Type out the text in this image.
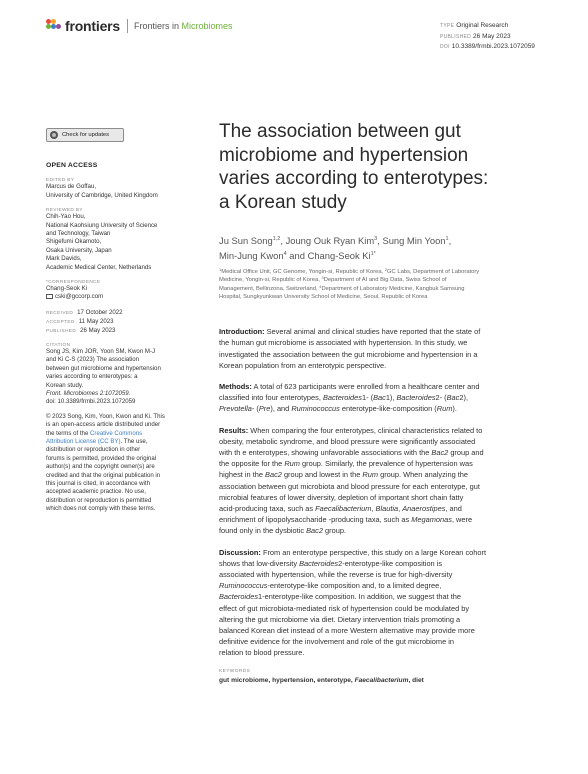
frontiers Frontiers in Microbiomes	TYPE Original Research
PUBLISHED 26 May 2023
DOI 10.3389/frmbi.2023.1072059
Check for updates
OPEN ACCESS
EDITED BY
Marcus de Goffau,
University of Cambridge, United Kingdom
REVIEWED BY
Chih-Yao Hou,
National Kaohsiung University of Science
and Technology, Taiwan
Shigefumi Okamoto,
Osaka University, Japan
Mark Davids,
Academic Medical Center, Netherlands
*CORRESPONDENCE
Chang-Seok Ki
cski@gccorp.com
RECEIVED 17 October 2022
ACCEPTED 11 May 2023
PUBLISHED 26 May 2023
CITATION
Song JS, Kim JOR, Yoon SM, Kwon M-J
and Ki C-S (2023) The association
between gut microbiome and hypertension
varies according to enterotypes: a
Korean study.
Front. Microbiomes 2:1072059.
doi: 10.3389/frmbi.2023.1072059
© 2023 Song, Kim, Yoon, Kwon and Ki. This
is an open-access article distributed under
the terms of the Creative Commons
Attribution License (CC BY). The use,
distribution or reproduction in other
forums is permitted, provided the original
author(s) and the copyright owner(s) are
credited and that the original publication in
this journal is cited, in accordance with
accepted academic practice. No use,
distribution or reproduction is permitted
which does not comply with these terms.
The association between gut
microbiome and hypertension
varies according to enterotypes:
a Korean study
Ju Sun Song$^{1,2}$, Joung Ouk Ryan Kim$^3$, Sung Min Yoon$^1$,
Min-Jung Kwon$^4$ and Chang-Seok $Ki^{1*}$
$^1$Medical Office Unit, GC Genome, Yongin-si, Republic of Korea, $^2$GC Labs, Department of Laboratory
Medicine, Yongin-si, Republic of Korea, $^3$Department of AI and Big Data, Swiss School of
Management, Bellinzona, Switzerland, $^4$Department of Laboratory Medicine, Kangbuk Samsung
Hospital, Sungkyunkwan University School of Medicine, Seoul, Republic of Korea
Introduction: Several animal and clinical studies have reported that the state of
the human gut microbiome is associated with hypertension. In this study, we
investigated the association between the gut microbiome and hypertension in a
Korean population from an enterotypic perspective.
Methods: A total of 623 participants were enrolled from a healthcare center and
classified into four enterotypes, Bacteroides1- (Bac1), Bacteroides2- (Bac2),
Prevotella- (Pre), and Ruminococcus enterotype-like-composition (Rum).
Results: When comparing the four enterotypes, clinical characteristics related to
obesity, metabolic syndrome, and blood pressure were significantly associated
with th e enterotypes, showing unfavorable associations with the Bac2 group and
the opposite for the Rum group. Similarly, the prevalence of hypertension was
highest in the Bac2 group and lowest in the Rum group. When analyzing the
association between gut microbiota and blood pressure for each enterotype, gut
microbial features of lower diversity, depletion of important short chain fatty
acid-producing taxa, such as Faecalibacterium, Blautia, Anaerostipes, and
enrichment of lipopolysaccharide -producing taxa, such as Megamonas, were
found only in the dysbiotic Bac2 group.
Discussion: From an enterotype perspective, this study on a large Korean cohort
shows that low-diversity Bacteroides2-enterotype-like composition is
associated with hypertension, while the reverse is true for high-diversity
Ruminococcus-enterotype-like composition and, to a limited degree,
Bacteroides1-enterotype-like composition. In addition, we suggest that the
effect of gut microbiota-mediated risk of hypertension could be modulated by
altering the gut microbiome via diet. Dietary intervention trials promoting a
balanced Korean diet instead of a more Western alternative may provide more
definitive evidence for the involvement and role of the gut microbiome in
relation to blood pressure.
KEYWORDS
gut microbiome, hypertension, enterotype, Faecalibacterium, diet
